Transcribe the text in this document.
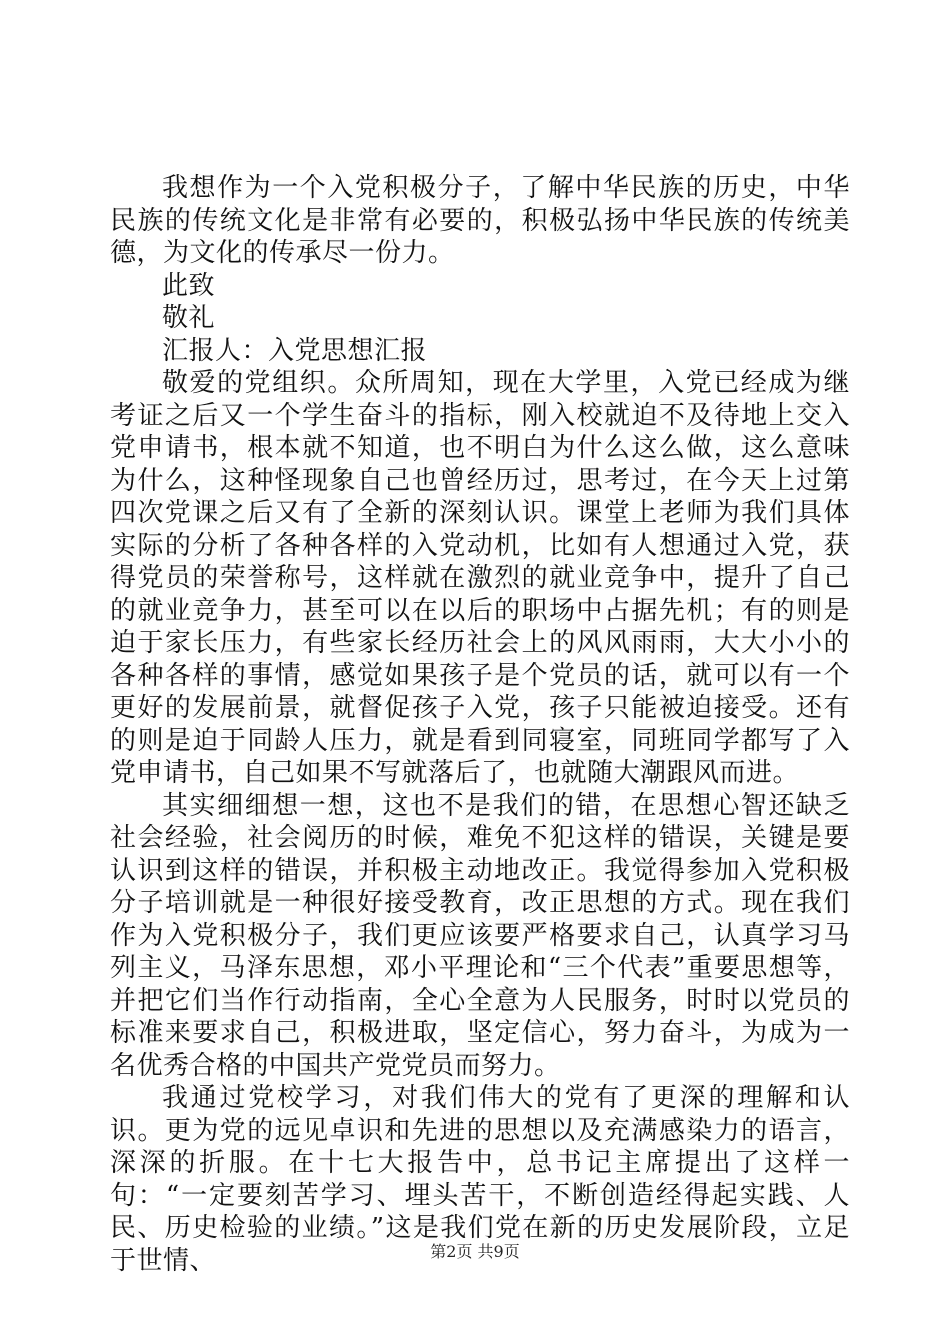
我想作为一个入党积极分子，了解中华民族的历史，中华民族的传统文化是非常有必要的，积极弘扬中华民族的传统美德，为文化的传承尽一份力。

此致

敬礼

汇报人：入党思想汇报

敬爱的党组织。众所周知，现在大学里，入党已经成为继考证之后又一个学生奋斗的指标，刚入校就迫不及待地上交入党申请书，根本就不知道，也不明白为什么这么做，这么意味为什么，这种怪现象自己也曾经历过，思考过，在今天上过第四次党课之后又有了全新的深刻认识。课堂上老师为我们具体实际的分析了各种各样的入党动机，比如有人想通过入党，获得党员的荣誉称号，这样就在激烈的就业竞争中，提升了自己的就业竞争力，甚至可以在以后的职场中占据先机；有的则是迫于家长压力，有些家长经历社会上的风风雨雨，大大小小的各种各样的事情，感觉如果孩子是个党员的话，就可以有一个更好的发展前景，就督促孩子入党，孩子只能被迫接受。还有的则是迫于同龄人压力，就是看到同寝室，同班同学都写了入党申请书，自己如果不写就落后了，也就随大潮跟风而进。

其实细细想一想，这也不是我们的错，在思想心智还缺乏社会经验，社会阅历的时候，难免不犯这样的错误，关键是要认识到这样的错误，并积极主动地改正。我觉得参加入党积极分子培训就是一种很好接受教育，改正思想的方式。现在我们作为入党积极分子，我们更应该要严格要求自己，认真学习马列主义，马泽东思想，邓小平理论和“三个代表”重要思想等，并把它们当作行动指南，全心全意为人民服务，时时以党员的标准来要求自己，积极进取，坚定信心，努力奋斗，为成为一名优秀合格的中国共产党党员而努力。

我通过党校学习，对我们伟大的党有了更深的理解和认识。更为党的远见卓识和先进的思想以及充满感染力的语言，深深的折服。在十七大报告中，总书记主席提出了这样一句：“一定要刻苦学习、埋头苦干，不断创造经得起实践、人民、历史检验的业绩。”这是我们党在新的历史发展阶段，立足于世情、	第2页 共9页
